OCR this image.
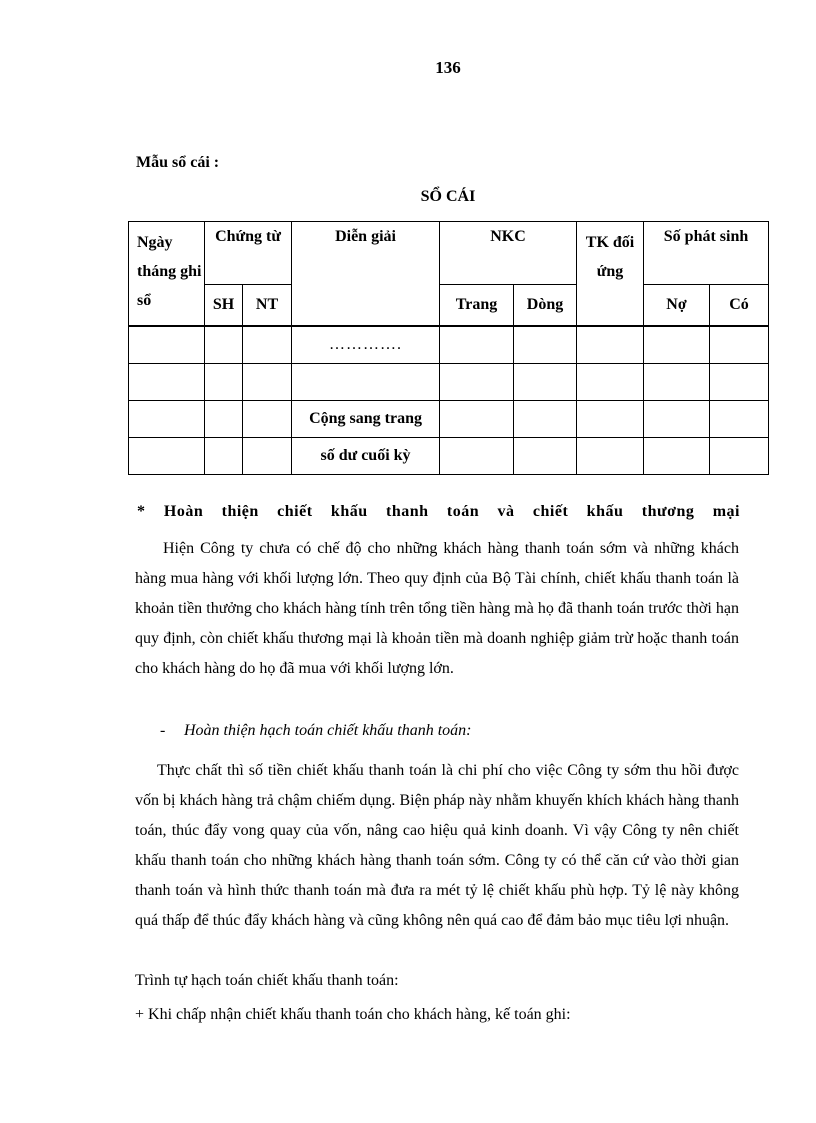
136
Mẫu sổ cái :
SỔ CÁI
Ngày tháng ghi sổ	Chứng từ		Diễn giải	NKC		TK đối ứng	Số phát sinh	
	SH	NT		Trang	Dòng		Nợ	Có
			………….					

			Cộng sang trang					
			số dư cuối kỳ					
* Hoàn thiện chiết khấu thanh toán và chiết khấu thương mại
Hiện Công ty chưa có chế độ cho những khách hàng thanh toán sớm và những khách hàng mua hàng với khối lượng lớn. Theo quy định của Bộ Tài chính, chiết khấu thanh toán là khoản tiền thưởng cho khách hàng tính trên tổng tiền hàng mà họ đã thanh toán trước thời hạn quy định, còn chiết khấu thương mại là khoản tiền mà doanh nghiệp giảm trừ hoặc thanh toán cho khách hàng do họ đã mua với khối lượng lớn.
- Hoàn thiện hạch toán chiết khấu thanh toán:
Thực chất thì số tiền chiết khấu thanh toán là chi phí cho việc Công ty sớm thu hồi được vốn bị khách hàng trả chậm chiếm dụng. Biện pháp này nhằm khuyến khích khách hàng thanh toán, thúc đẩy vong quay của vốn, nâng cao hiệu quả kinh doanh. Vì vậy Công ty nên chiết khấu thanh toán cho những khách hàng thanh toán sớm. Công ty có thể căn cứ vào thời gian thanh toán và hình thức thanh toán mà đưa ra mét tỷ lệ chiết khấu phù hợp. Tỷ lệ này không quá thấp để thúc đẩy khách hàng và cũng không nên quá cao để đảm bảo mục tiêu lợi nhuận.
Trình tự hạch toán chiết khấu thanh toán:
+ Khi chấp nhận chiết khấu thanh toán cho khách hàng, kế toán ghi:
